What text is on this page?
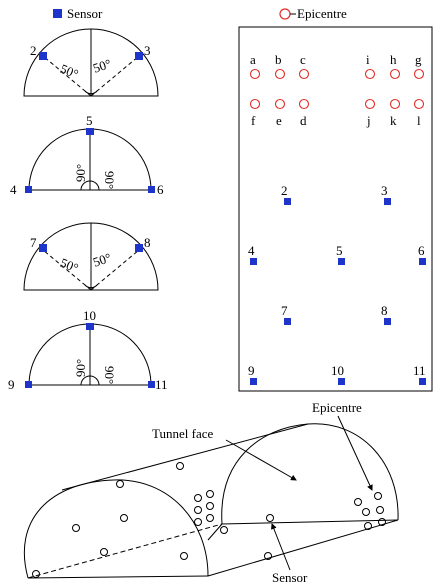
Sensor	Epicentre
2	3
50° 50°
5
4	6
90° 90°
7	8
50° 50°
10
9	11
90° 90°
a b c	i h g
f e d	j k l
2	3
4	5	6
7	8
9	10	11
Tunnel face
Epicentre
Sensor
